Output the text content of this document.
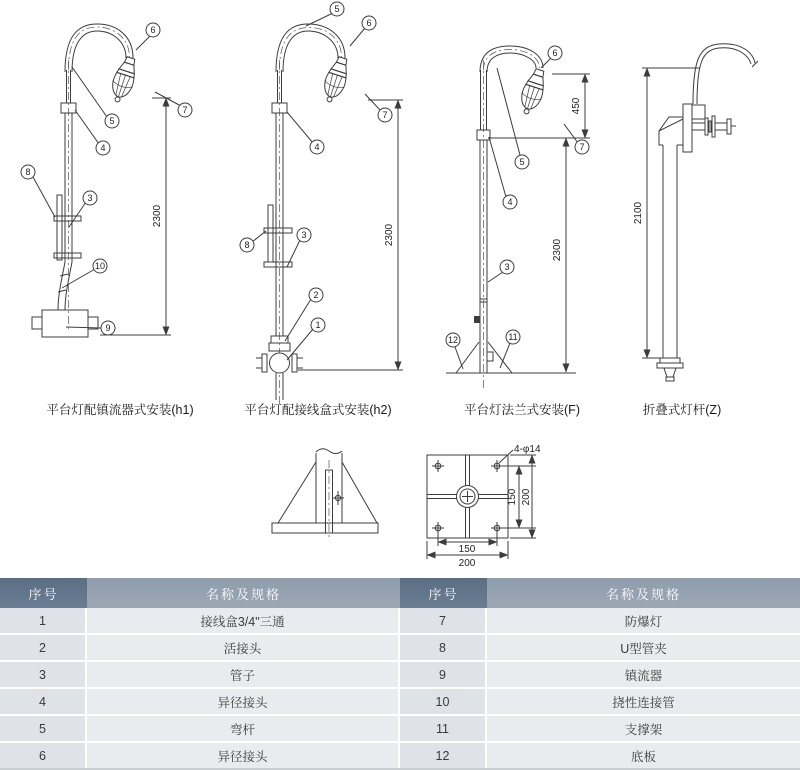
2300
6
7
5
4
8
3
10
9
平台灯配镇流器式安装(h1)
2300
5
6
7
4
8
3
2
1
平台灯配接线盒式安装(h2)
450
2300
6
7
5
4
3
12	11
平台灯法兰式安装(F)
2100
折叠式灯杆(Z)
4-φ14
150 200
150
200
序号	名称及规格	序号	名称及规格
1	接线盒3/4"三通	7	防爆灯
2	活接头	8	U型管夹
3	管子	9	镇流器
4	异径接头	10	挠性连接管
5	弯杆	11	支撑架
6	异径接头	12	底板
